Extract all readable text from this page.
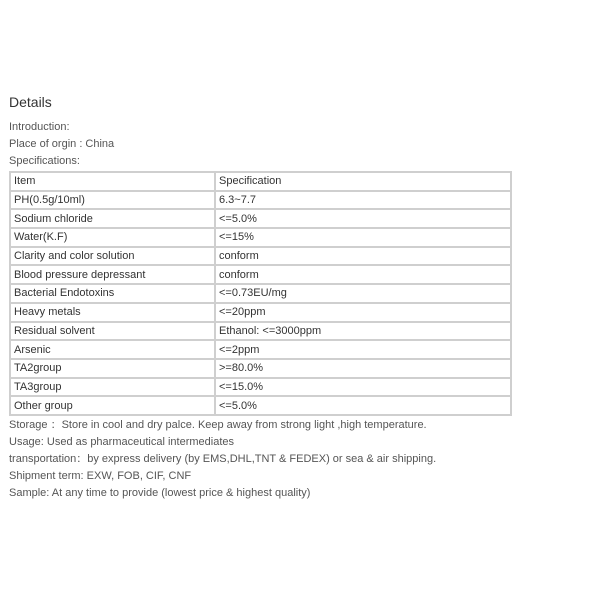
Details
Introduction:
Place of orgin : China
Specifications:
Item	Specification
PH(0.5g/10ml)	6.3~7.7
Sodium chloride	<=5.0%
Water(K.F)	<=15%
Clarity and color solution	conform
Blood pressure depressant	conform
Bacterial Endotoxins	<=0.73EU/mg
Heavy metals	<=20ppm
Residual solvent	Ethanol: <=3000ppm
Arsenic	<=2ppm
TA2group	>=80.0%
TA3group	<=15.0%
Other group	<=5.0%
Storage ：Store in cool and dry palce. Keep away from strong light ,high temperature.
Usage: Used as pharmaceutical intermediates
transportation：by express delivery (by EMS,DHL,TNT & FEDEX) or sea & air shipping.
Shipment term: EXW, FOB, CIF, CNF
Sample: At any time to provide (lowest price & highest quality)
